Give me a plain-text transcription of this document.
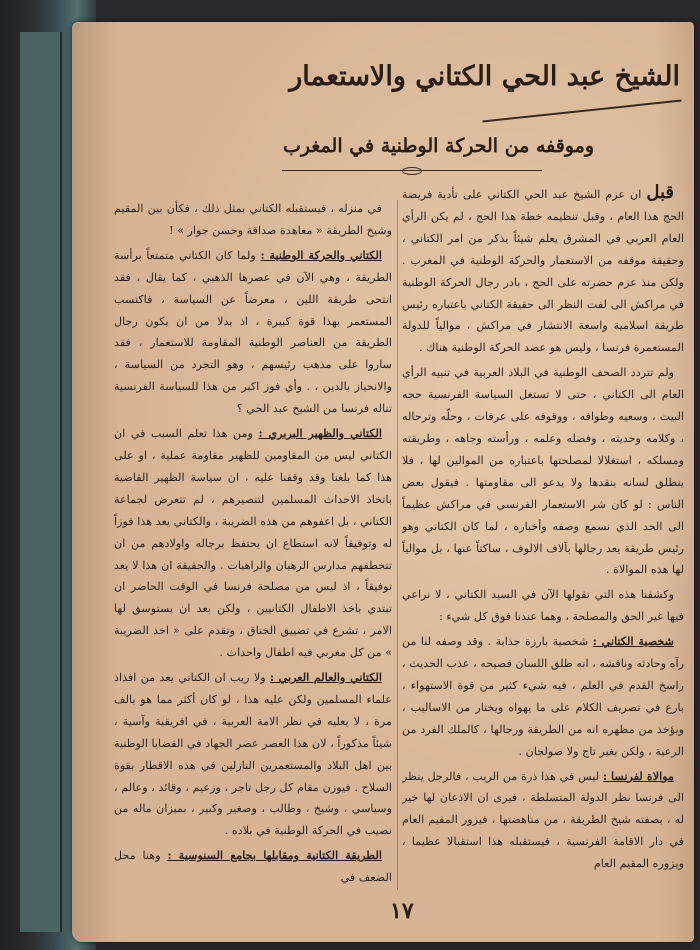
الشيخ عبد الحي الكتاني والاستعمار
وموقفه من الحركة الوطنية في المغرب

قبل ان عزم الشيخ عبد الحي الكتاني على تأدية فريضة الحج هذا العام ، وقبل تنظيمه خطة هذا الحج ، لم يكن الرأي العام العربي في المشرق يعلم شيئاً يذكر من امر الكتاني ، وحقيقة موقفه من الاستعمار والحركة الوطنية في المغرب . ولكن منذ عزم حضرته على الحج ، بادر رجال الحركة الوطنية في مراكش الى لفت النظر الى حقيقة الكتاني باعتباره رئيس طريقة اسلامية واسعة الانتشار في مراكش ، موالياً للدولة المستعمرة فرنسا ، وليس هو عضد الحركة الوطنية هناك .

ولم تتردد الصحف الوطنية في البلاد العربية في تنبيه الرأي العام الى الكتاني ، حتى لا تستغل السياسة الفرنسية حجه البيت ، وسعيه وطوافه ، ووقوفه على عرفات ، وحلّه وترحاله ، وكلامه وحديثه ، وفضله وعلمه ، ورأسته وجاهه ، وطريقته ومسلكه ، استغلالا لمصلحتها باعتباره من الموالين لها ، فلا ينطلق لسانه بنقدها ولا يدعو الى مقاومتها . فيقول بعض الناس : لو كان شر الاستعمار الفرنسي في مراكش عظيماً الى الحد الذي نسمع وصفه وأخباره ، لما كان الكتاني وهو رئيس طريقة يعد رجالها بآلاف الالوف ، ساكتاً عنها ، بل موالياً لها هذه الموالاة .

وكشفنا هذه التي تقولها الآن في السيد الكتاني ، لا نراعي فيها غير الحق والمصلحة ، وهما عندنا فوق كل شيء :

شخصية الكتاني : شخصية بارزة جذابة . وقد وصفه لنا من رآه وحادثه وناقشه ، انه طلق اللسان فصيحه ، عذب الحديث ، راسخ القدم في العلم ، فيه شيء كثير من قوة الاستهواء ، بارع في تصريف الكلام على ما يهواه ويختار من الاساليب ، ويؤخذ من مظهره انه من الطريقة ورجالها ، كالملك الفرد من الرعية ، ولكن بغير تاج ولا صولجان .

موالاة لفرنسا : ليس في هذا ذرة من الريب ، فالرجل ينظر الى فرنسا نظر الدولة المتسلطة ، فيرى ان الاذعان لها خير له ، بصفته شيخ الطريقة ، من مناهضتها ، فيزور المقيم العام في دار الاقامة الفرنسية ، فيستقبله هذا استقبالا عظيما ، ويزوره المقيم العام

في منزله ، فيستقبله الكتاني بمثل ذلك ، فكأن بين المقيم وشيخ الطريقة « معاهدة صداقة وحسن جوار » !

الكتاني والحركة الوطنية : ولما كان الكتاني متمتعاً برأسة الطريقة ، وهي الآن في عصرها الذهبي ، كما يقال ، فقد انتحى طريقة اللين ، معرضاً عن السياسة ، فاكتسب المستعمر بهذا قوة كبيرة ، اذ بدلا من ان يكون رجال الطريقة من العناصر الوطنية المقاومة للاستعمار ، فقد ساروا على مذهب رئيسهم ، وهو التجرد من السياسة ، والانحياز بالدين ، . وأي فوز اكبر من هذا للسياسة الفرنسية تناله فرنسا من الشيخ عبد الحي ؟

الكتاني والظهير البربري : ومن هذا تعلم السبب في ان الكتاني ليس من المقاومين للظهير مقاومة عملية ، او على هذا كما بلغنا وقد وقفنا عليه ، ان سياسة الظهير القاضية باتخاذ الاحداث المسلمين لتنصيرهم ، لم تتعرض لجماعة الكتاني ، بل اعفوهم من هذه الضريبة ، والكتاني يعد هذا فوزاً له وتوفيقاً لانه استطاع ان يحتفظ برجاله واولادهم من ان تتخطفهم مدارس الرهبان والراهبات . والحقيقة ان هذا لا يعد توفيقاً ، اذ ليس من مصلحة فرنسا في الوقت الحاضر ان تبتدي باخذ الاطفال الكتانيين ، ولكن بعد ان يستوسق لها الامر ، تشرع في تضييق الخناق ، وتقدم على « اخذ الضريبة » من كل مغربي فيه اطفال واحداث .

الكتاني والعالم العربي : ولا ريب ان الكتاني يعد من افذاذ علماء المسلمين ولكن عليه هذا ، لو كان أكثر مما هو بالف مرة ، لا يعليه في نظر الامة العربية ، في افريقية وآسية ، شيئاً مذكوراً ، لان هذا العصر عصر الجهاد في القضايا الوطنية بين اهل البلاد والمستعمرين النازلين في هذه الاقطار بقوة السلاح . فيوزن مقام كل رجل تاجر ، وزعيم ، وقائد ، وعالم ، وسياسي ، وشيخ ، وطالب ، وصغير وكبير ، بميزان ماله من نصيب في الحركة الوطنية في بلاده .

الطريقة الكتانية ومقابلها بجامع السنوسية : وهنا محل الضعف في

١٧
